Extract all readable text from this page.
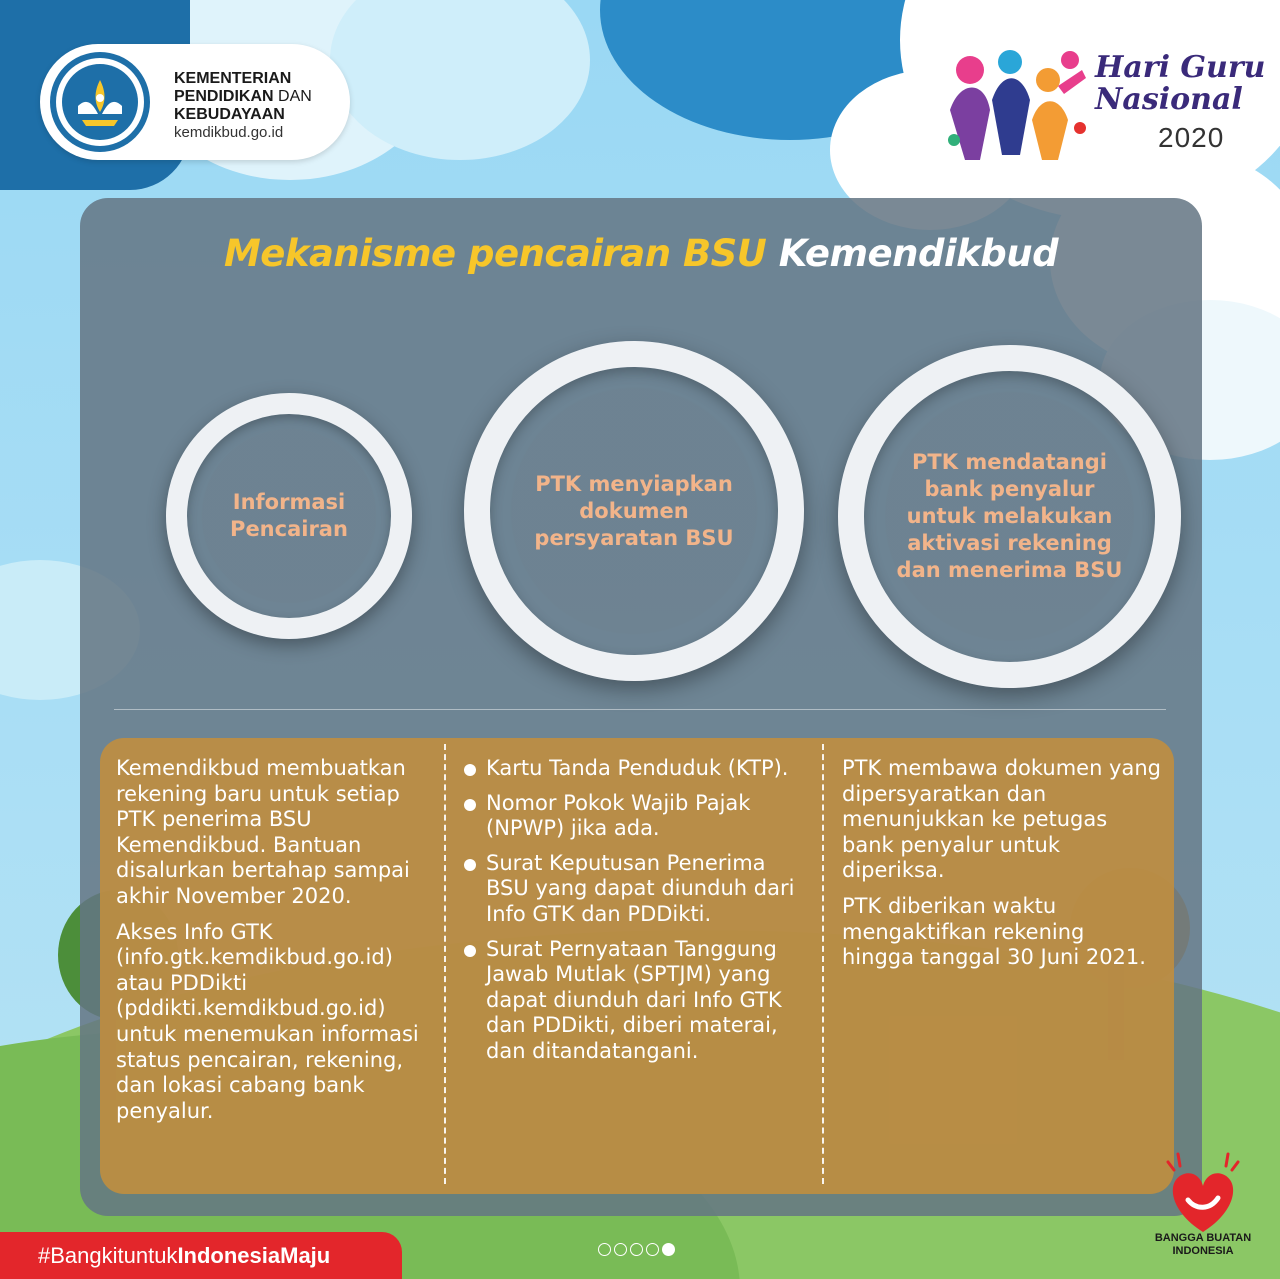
KEMENTERIAN
PENDIDIKAN DAN
KEBUDAYAAN
kemdikbud.go.id
Hari Guru
Nasional
2020
Mekanisme pencairan BSU Kemendikbud
Informasi Pencairan
PTK menyiapkan dokumen persyaratan BSU
PTK mendatangi bank penyalur untuk melakukan aktivasi rekening dan menerima BSU

Kemendikbud membuatkan rekening baru untuk setiap PTK penerima BSU Kemendikbud. Bantuan disalurkan bertahap sampai akhir November 2020.

Akses Info GTK (info.gtk.kemdikbud.go.id) atau PDDikti (pddikti.kemdikbud.go.id) untuk menemukan informasi status pencairan, rekening, dan lokasi cabang bank penyalur.

Kartu Tanda Penduduk (KTP).
Nomor Pokok Wajib Pajak (NPWP) jika ada.
Surat Keputusan Penerima BSU yang dapat diunduh dari Info GTK dan PDDikti.
Surat Pernyataan Tanggung Jawab Mutlak (SPTJM) yang dapat diunduh dari Info GTK dan PDDikti, diberi materai, dan ditandatangani.

PTK membawa dokumen yang dipersyaratkan dan menunjukkan ke petugas bank penyalur untuk diperiksa.

PTK diberikan waktu mengaktifkan rekening hingga tanggal 30 Juni 2021.

#Bangkituntuk IndonesiaMaju
BANGGA BUATAN
INDONESIA
